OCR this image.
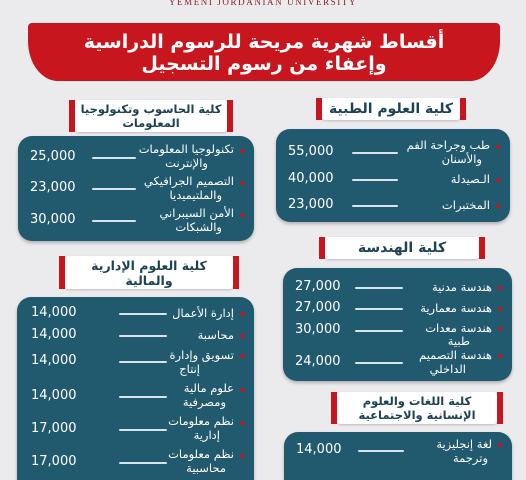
YEMENI JORDANIAN UNIVERSITY
أقساط شهرية مريحة للرسوم الدراسية
وإعفاء من رسوم التسجيل
55,000	طب وجراحة الفم
والأسنان
40,000	الـصيدلة
23,000	المختبرات
كلية العلوم الطبية
25,000	تكنولوجيا المعلومات
والإنترنت
23,000	التصميم الجرافيكي
والملتيميديا
30,000	الأمن السيبراني
والشبكات
كلية الحاسوب وتكنولوجيا
المعلومات
27,000	هندسة مدنية
27,000	هندسة معمارية
30,000	هندسة معدات
طبية
24,000	هندسة التصميم
الداخلي
كلية الهندسة
14,000	إدارة الأعمال
14,000	محاسبة
14,000	تسويق وإدارة
إنتاج
14,000	علوم مالية
ومصرفية
17,000	نظم معلومات
إدارية
17,000	نظم معلومات
محاسبية
كلية العلوم الإدارية
والمالية
14,000	لغة إنجليزية
وترجمة
كلية اللغات والعلوم
الإنسانية والاجتماعية
